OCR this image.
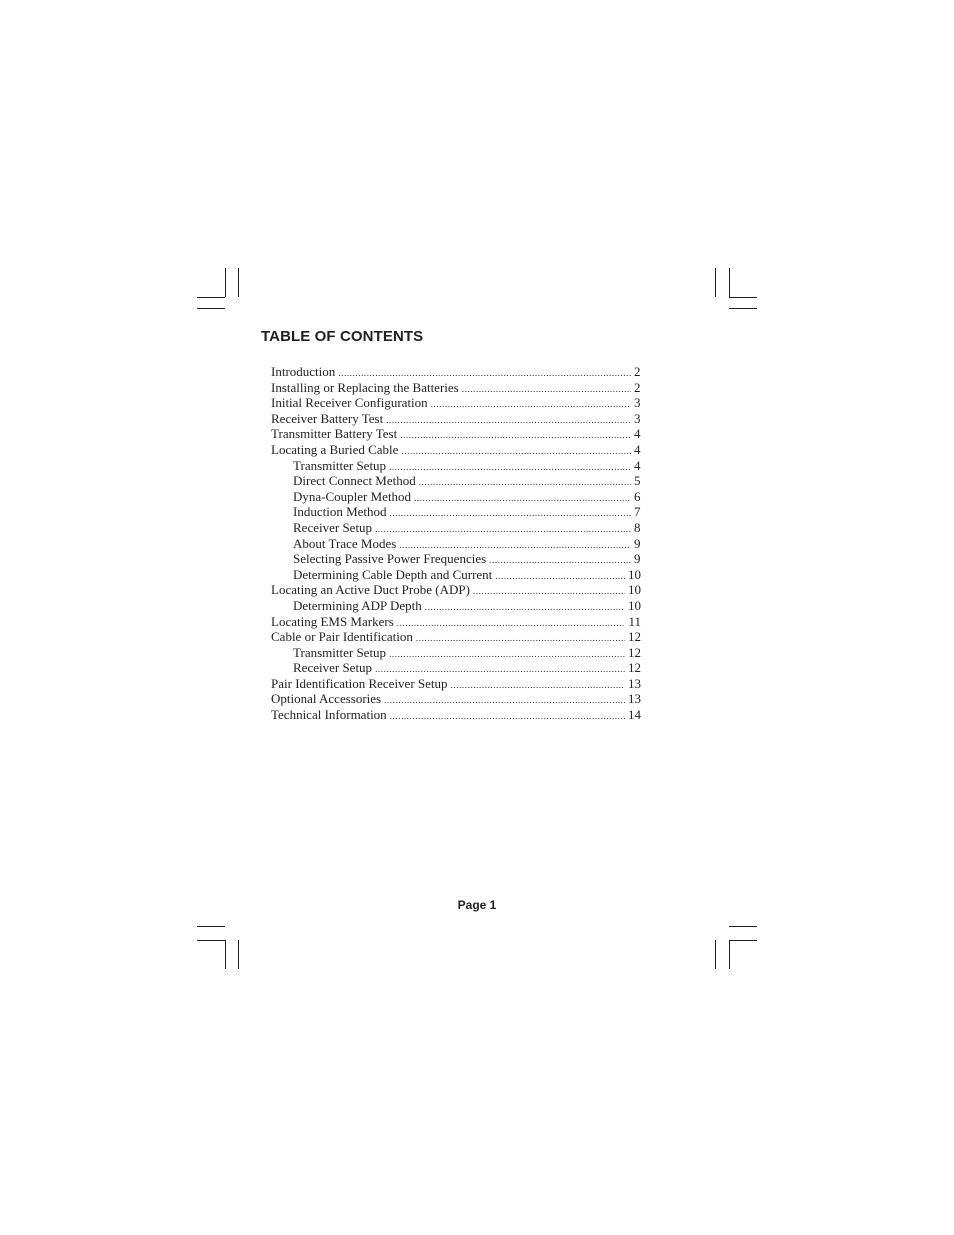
TABLE OF CONTENTS
Introduction .....	2
Installing or Replacing the Batteries .....	2
Initial Receiver Configuration .....	3
Receiver Battery Test .....	3
Transmitter Battery Test .....	4
Locating a Buried Cable .....	4
Transmitter Setup .....	4
Direct Connect Method .....	5
Dyna-Coupler Method .....	6
Induction Method .....	7
Receiver Setup .....	8
About Trace Modes .....	9
Selecting Passive Power Frequencies .....	9
Determining Cable Depth and Current .....	10
Locating an Active Duct Probe (ADP) .....	10
Determining ADP Depth .....	10
Locating EMS Markers .....	11
Cable or Pair Identification .....	12
Transmitter Setup .....	12
Receiver Setup .....	12
Pair Identification Receiver Setup .....	13
Optional Accessories .....	13
Technical Information .....	14

Page 1
